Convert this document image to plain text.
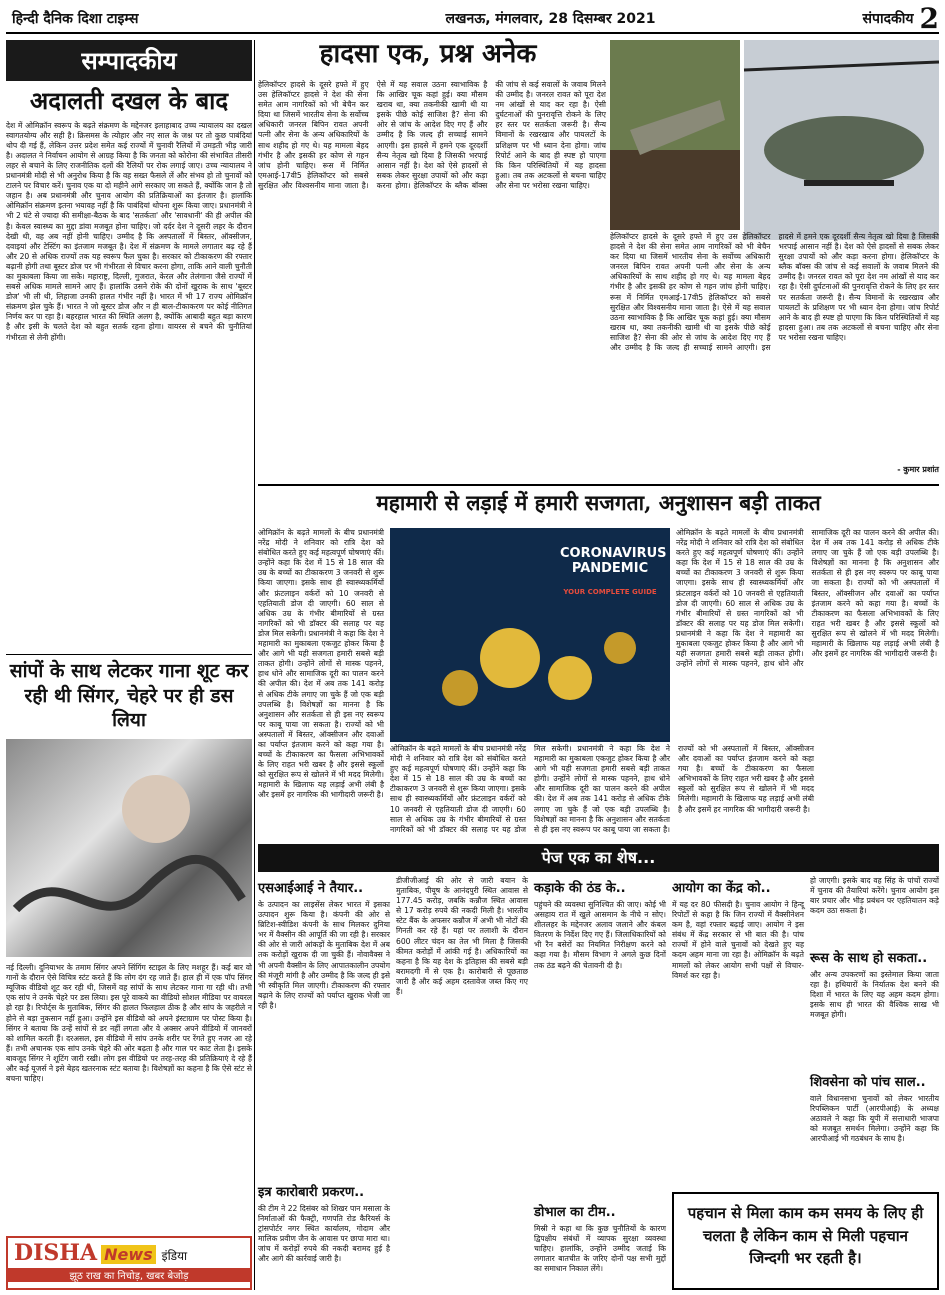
हिन्दी दैनिक दिशा टाइम्स	लखनऊ, मंगलवार, 28 दिसम्बर 2021	संपादकीय 2
सम्पादकीय
अदालती दखल के बाद
देश में ओमिक्रॉन स्वरूप के बढ़ते संक्रमण के मद्देनजर इलाहाबाद उच्च न्यायालय का दखल स्वागतयोग्य और सही है। क्रिसमस के त्योहार और नए साल के जश्न पर तो कुछ पाबंदियां थोप दी गई हैं, लेकिन उत्तर प्रदेश समेत कई राज्यों में चुनावी रैलियों में उमड़ती भीड़ जारी है। अदालत ने निर्वाचन आयोग से आग्रह किया है कि जनता को कोरोना की संभावित तीसरी लहर से बचाने के लिए राजनीतिक दलों की रैलियों पर रोक लगाई जाए। उच्च न्यायालय ने प्रधानमंत्री मोदी से भी अनुरोध किया है कि वह सख्त फैसले लें और संभव हो तो चुनावों को टालने पर विचार करें। चुनाव एक या दो महीने आगे सरकाए जा सकते हैं, क्योंकि जान है तो जहान है। अब प्रधानमंत्री और चुनाव आयोग की प्रतिक्रियाओं का इंतजार है। हालांकि ओमिक्रॉन संक्रमण इतना भयावह नहीं है कि पाबंदियां थोपना शुरू किया जाए। प्रधानमंत्री ने भी 2 घंटे से ज्यादा की समीक्षा-बैठक के बाद 'सतर्कता' और 'सावधानी' की ही अपील की है। केवल स्वास्थ्य का मुद्दा डांवा मजबूत होना चाहिए। जो दर्दर देश ने दूसरी लहर के दौरान देखी थी, वह अब नहीं होनी चाहिए। उम्मीद है कि अस्पतालों में बिस्तर, ऑक्सीजन, दवाइयां और टेस्टिंग का इंतजाम मजबूत है। देश में संक्रमण के मामले लगातार बढ़ रहे हैं और 20 से अधिक राज्यों तक यह स्वरूप फैल चुका है। सरकार को टीकाकरण की रफ्तार बढ़ानी होगी तथा बूस्टर डोज पर भी गंभीरता से विचार करना होगा, ताकि आने वाली चुनौती का मुकाबला किया जा सके। महाराष्ट्र, दिल्ली, गुजरात, केरल और तेलंगाना जैसे राज्यों में सबसे अधिक मामले सामने आए हैं। हालांकि उसने रोके की दोनों खुराक के साथ 'बूस्टर डोज' भी ली थी, लिहाजा उनकी हालत गंभीर नहीं है। भारत में भी 17 राज्य ओमिक्रॉन संक्रमण झेल चुके हैं। भारत ने जो बूस्टर डोज और न ही बाल-टीकाकरण पर कोई नीतिगत निर्णय कर पा रहा है। बहरहाल भारत की स्थिति अलग है, क्योंकि आबादी बहुत बड़ा कारण है और इसी के चलते देश को बहुत सतर्क रहना होगा। वायरस से बचने की चुनौतियां गंभीरता से लेनी होंगी।
सांपों के साथ लेटकर गाना शूट कर रही थी सिंगर, चेहरे पर ही डस लिया
नई दिल्ली। दुनियाभर के तमाम सिंगर अपने सिंगिंग स्टाइल के लिए मशहूर हैं। कई बार वो गानों के दौरान ऐसे विचित्र स्टंट करते हैं कि लोग दंग रह जाते हैं। हाल ही में एक पॉप सिंगर म्यूजिक वीडियो शूट कर रही थी, जिसमें वह सांपों के साथ लेटकर गाना गा रही थी। तभी एक सांप ने उनके चेहरे पर डस लिया। इस पूरे वाकये का वीडियो सोशल मीडिया पर वायरल हो रहा है। रिपोर्ट्स के मुताबिक, सिंगर की हालत फिलहाल ठीक है और सांप के जहरीले न होने से बड़ा नुकसान नहीं हुआ। उन्होंने इस वीडियो को अपने इंस्टाग्राम पर पोस्ट किया है। सिंगर ने बताया कि उन्हें सांपों से डर नहीं लगता और वे अक्सर अपने वीडियो में जानवरों को शामिल करती हैं। दरअसल, इस वीडियो में सांप उनके शरीर पर रेंगते हुए नजर आ रहे हैं। तभी अचानक एक सांप उनके चेहरे की ओर बढ़ता है और गाल पर काट लेता है। इसके बावजूद सिंगर ने शूटिंग जारी रखी। लोग इस वीडियो पर तरह-तरह की प्रतिक्रियाएं दे रहे हैं और कई यूजर्स ने इसे बेहद खतरनाक स्टंट बताया है। विशेषज्ञों का कहना है कि ऐसे स्टंट से बचना चाहिए।
DISHA News इंडिया
झूठ राख का निचोड़, खबर बेजोड़
हादसा एक, प्रश्न अनेक
हेलिकॉप्टर हादसे के दूसरे हफ्ते में हुए उस हेलिकॉप्टर हादसे ने देश की सेना समेत आम नागरिकों को भी बेचैन कर दिया था जिसमें भारतीय सेना के सर्वोच्च अधिकारी जनरल बिपिन रावत अपनी पत्नी और सेना के अन्य अधिकारियों के साथ शहीद हो गए थे। यह मामला बेहद गंभीर है और इसकी हर कोण से गहन जांच होनी चाहिए। रूस में निर्मित एमआई-17वी5 हेलिकॉप्टर को सबसे सुरक्षित और विश्वसनीय माना जाता है। ऐसे में यह सवाल उठना स्वाभाविक है कि आखिर चूक कहां हुई। क्या मौसम खराब था, क्या तकनीकी खामी थी या इसके पीछे कोई साजिश है? सेना की ओर से जांच के आदेश दिए गए हैं और उम्मीद है कि जल्द ही सच्चाई सामने आएगी। इस हादसे में हमने एक दूरदर्शी सैन्य नेतृत्व खो दिया है जिसकी भरपाई आसान नहीं है। देश को ऐसे हादसों से सबक लेकर सुरक्षा उपायों को और कड़ा करना होगा। हेलिकॉप्टर के ब्लैक बॉक्स की जांच से कई सवालों के जवाब मिलने की उम्मीद है। जनरल रावत को पूरा देश नम आंखों से याद कर रहा है। ऐसी दुर्घटनाओं की पुनरावृत्ति रोकने के लिए हर स्तर पर सतर्कता जरूरी है। सैन्य विमानों के रखरखाव और पायलटों के प्रशिक्षण पर भी ध्यान देना होगा। जांच रिपोर्ट आने के बाद ही स्पष्ट हो पाएगा कि किन परिस्थितियों में यह हादसा हुआ। तब तक अटकलों से बचना चाहिए और सेना पर भरोसा रखना चाहिए।
हेलिकॉप्टर हादसे के दूसरे हफ्ते में हुए उस हेलिकॉप्टर हादसे ने देश की सेना समेत आम नागरिकों को भी बेचैन कर दिया था जिसमें भारतीय सेना के सर्वोच्च अधिकारी जनरल बिपिन रावत अपनी पत्नी और सेना के अन्य अधिकारियों के साथ शहीद हो गए थे। यह मामला बेहद गंभीर है और इसकी हर कोण से गहन जांच होनी चाहिए। रूस में निर्मित एमआई-17वी5 हेलिकॉप्टर को सबसे सुरक्षित और विश्वसनीय माना जाता है। ऐसे में यह सवाल उठना स्वाभाविक है कि आखिर चूक कहां हुई। क्या मौसम खराब था, क्या तकनीकी खामी थी या इसके पीछे कोई साजिश है? सेना की ओर से जांच के आदेश दिए गए हैं और उम्मीद है कि जल्द ही सच्चाई सामने आएगी। इस हादसे में हमने एक दूरदर्शी सैन्य नेतृत्व खो दिया है जिसकी भरपाई आसान नहीं है। देश को ऐसे हादसों से सबक लेकर सुरक्षा उपायों को और कड़ा करना होगा। हेलिकॉप्टर के ब्लैक बॉक्स की जांच से कई सवालों के जवाब मिलने की उम्मीद है। जनरल रावत को पूरा देश नम आंखों से याद कर रहा है। ऐसी दुर्घटनाओं की पुनरावृत्ति रोकने के लिए हर स्तर पर सतर्कता जरूरी है। सैन्य विमानों के रखरखाव और पायलटों के प्रशिक्षण पर भी ध्यान देना होगा। जांच रिपोर्ट आने के बाद ही स्पष्ट हो पाएगा कि किन परिस्थितियों में यह हादसा हुआ। तब तक अटकलों से बचना चाहिए और सेना पर भरोसा रखना चाहिए।
- कुमार प्रशांत
महामारी से लड़ाई में हमारी सजगता, अनुशासन बड़ी ताकत
ओमिक्रॉन के बढ़ते मामलों के बीच प्रधानमंत्री नरेंद्र मोदी ने शनिवार को रात्रि देश को संबोधित करते हुए कई महत्वपूर्ण घोषणाएं कीं। उन्होंने कहा कि देश में 15 से 18 साल की उम्र के बच्चों का टीकाकरण 3 जनवरी से शुरू किया जाएगा। इसके साथ ही स्वास्थ्यकर्मियों और फ्रंटलाइन वर्करों को 10 जनवरी से एहतियाती डोज दी जाएगी। 60 साल से अधिक उम्र के गंभीर बीमारियों से ग्रस्त नागरिकों को भी डॉक्टर की सलाह पर यह डोज मिल सकेगी। प्रधानमंत्री ने कहा कि देश ने महामारी का मुकाबला एकजुट होकर किया है और आगे भी यही सजगता हमारी सबसे बड़ी ताकत होगी। उन्होंने लोगों से मास्क पहनने, हाथ धोने और सामाजिक दूरी का पालन करने की अपील की। देश में अब तक 141 करोड़ से अधिक टीके लगाए जा चुके हैं जो एक बड़ी उपलब्धि है। विशेषज्ञों का मानना है कि अनुशासन और सतर्कता से ही इस नए स्वरूप पर काबू पाया जा सकता है। राज्यों को भी अस्पतालों में बिस्तर, ऑक्सीजन और दवाओं का पर्याप्त इंतजाम करने को कहा गया है। बच्चों के टीकाकरण का फैसला अभिभावकों के लिए राहत भरी खबर है और इससे स्कूलों को सुरक्षित रूप से खोलने में भी मदद मिलेगी। महामारी के खिलाफ यह लड़ाई अभी लंबी है और इसमें हर नागरिक की भागीदारी जरूरी है।
CORONAVIRUS PANDEMIC
YOUR COMPLETE GUIDE
ओमिक्रॉन के बढ़ते मामलों के बीच प्रधानमंत्री नरेंद्र मोदी ने शनिवार को रात्रि देश को संबोधित करते हुए कई महत्वपूर्ण घोषणाएं कीं। उन्होंने कहा कि देश में 15 से 18 साल की उम्र के बच्चों का टीकाकरण 3 जनवरी से शुरू किया जाएगा। इसके साथ ही स्वास्थ्यकर्मियों और फ्रंटलाइन वर्करों को 10 जनवरी से एहतियाती डोज दी जाएगी। 60 साल से अधिक उम्र के गंभीर बीमारियों से ग्रस्त नागरिकों को भी डॉक्टर की सलाह पर यह डोज मिल सकेगी। प्रधानमंत्री ने कहा कि देश ने महामारी का मुकाबला एकजुट होकर किया है और आगे भी यही सजगता हमारी सबसे बड़ी ताकत होगी। उन्होंने लोगों से मास्क पहनने, हाथ धोने और सामाजिक दूरी का पालन करने की अपील की। देश में अब तक 141 करोड़ से अधिक टीके लगाए जा चुके हैं जो एक बड़ी उपलब्धि है। विशेषज्ञों का मानना है कि अनुशासन और सतर्कता से ही इस नए स्वरूप पर काबू पाया जा सकता है। राज्यों को भी अस्पतालों में बिस्तर, ऑक्सीजन और दवाओं का पर्याप्त इंतजाम करने को कहा गया है। बच्चों के टीकाकरण का फैसला अभिभावकों के लिए राहत भरी खबर है और इससे स्कूलों को सुरक्षित रूप से खोलने में भी मदद मिलेगी। महामारी के खिलाफ यह लड़ाई अभी लंबी है और इसमें हर नागरिक की भागीदारी जरूरी है।
ओमिक्रॉन के बढ़ते मामलों के बीच प्रधानमंत्री नरेंद्र मोदी ने शनिवार को रात्रि देश को संबोधित करते हुए कई महत्वपूर्ण घोषणाएं कीं। उन्होंने कहा कि देश में 15 से 18 साल की उम्र के बच्चों का टीकाकरण 3 जनवरी से शुरू किया जाएगा। इसके साथ ही स्वास्थ्यकर्मियों और फ्रंटलाइन वर्करों को 10 जनवरी से एहतियाती डोज दी जाएगी। 60 साल से अधिक उम्र के गंभीर बीमारियों से ग्रस्त नागरिकों को भी डॉक्टर की सलाह पर यह डोज मिल सकेगी। प्रधानमंत्री ने कहा कि देश ने महामारी का मुकाबला एकजुट होकर किया है और आगे भी यही सजगता हमारी सबसे बड़ी ताकत होगी। उन्होंने लोगों से मास्क पहनने, हाथ धोने और सामाजिक दूरी का पालन करने की अपील की। देश में अब तक 141 करोड़ से अधिक टीके लगाए जा चुके हैं जो एक बड़ी उपलब्धि है। विशेषज्ञों का मानना है कि अनुशासन और सतर्कता से ही इस नए स्वरूप पर काबू पाया जा सकता है। राज्यों को भी अस्पतालों में बिस्तर, ऑक्सीजन और दवाओं का पर्याप्त इंतजाम करने को कहा गया है। बच्चों के टीकाकरण का फैसला अभिभावकों के लिए राहत भरी खबर है और इससे स्कूलों को सुरक्षित रूप से खोलने में भी मदद मिलेगी। महामारी के खिलाफ यह लड़ाई अभी लंबी है और इसमें हर नागरिक की भागीदारी जरूरी है।
पेज एक का शेष...
एसआईआई ने तैयार..
के उत्पादन का लाइसेंस लेकर भारत में इसका उत्पादन शुरू किया है। कंपनी की ओर से ब्रिटिश-स्वीडिश कंपनी के साथ मिलकर दुनिया भर में वैक्सीन की आपूर्ति की जा रही है। सरकार की ओर से जारी आंकड़ों के मुताबिक देश में अब तक करोड़ों खुराक दी जा चुकी हैं। नोवावैक्स ने भी अपनी वैक्सीन के लिए आपातकालीन उपयोग की मंजूरी मांगी है और उम्मीद है कि जल्द ही इसे भी स्वीकृति मिल जाएगी। टीकाकरण की रफ्तार बढ़ाने के लिए राज्यों को पर्याप्त खुराक भेजी जा रही है।
इत्र कारोबारी प्रकरण..
की टीम ने 22 दिसंबर को शिखर पान मसाला के निर्माताओं की फैक्ट्री, गणपति रोड कैरियर्स के ट्रांसपोर्टर नगर स्थित कार्यालय, गोदाम और मालिक प्रवीण जैन के आवास पर छापा मारा था। जांच में करोड़ों रुपये की नकदी बरामद हुई है और आगे की कार्रवाई जारी है।
डीजीजीआई की ओर से जारी बयान के मुताबिक, पीयूष के आनंदपुरी स्थित आवास से 177.45 करोड़, जबकि कन्नौज स्थित आवास से 17 करोड़ रुपये की नकदी मिली है। भारतीय स्टेट बैंक के अफसर कन्नौज में अभी भी नोटों की गिनती कर रहे हैं। यहां पर तलाशी के दौरान 600 लीटर चंदन का तेल भी मिला है जिसकी कीमत करोड़ों में आंकी गई है। अधिकारियों का कहना है कि यह देश के इतिहास की सबसे बड़ी बरामदगी में से एक है। कारोबारी से पूछताछ जारी है और कई अहम दस्तावेज जब्त किए गए हैं।
कड़ाके की ठंड के..
पहुंचने की व्यवस्था सुनिश्चित की जाए। कोई भी असहाय रात में खुले आसमान के नीचे न सोए। शीतलहर के मद्देनजर अलाव जलाने और कंबल वितरण के निर्देश दिए गए हैं। जिलाधिकारियों को भी रैन बसेरों का नियमित निरीक्षण करने को कहा गया है। मौसम विभाग ने अगले कुछ दिनों तक ठंड बढ़ने की चेतावनी दी है।
डोभाल का टीम..
मिस्री ने कहा था कि कुछ चुनौतियों के कारण द्विपक्षीय संबंधों में व्यापक सुरक्षा व्यवस्था चाहिए। हालांकि, उन्होंने उम्मीद जताई कि लगातार बातचीत के जरिए दोनों पक्ष सभी मुद्दों का समाधान निकाल लेंगे।
आयोग का केंद्र को..
में यह दर 80 फीसदी है। चुनाव आयोग ने हिन्दू रिपोर्टों से कहा है कि जिन राज्यों में वैक्सीनेशन कम है, वहां रफ्तार बढ़ाई जाए। आयोग ने इस संबंध में केंद्र सरकार से भी बात की है। पांच राज्यों में होने वाले चुनावों को देखते हुए यह कदम अहम माना जा रहा है। ओमिक्रॉन के बढ़ते मामलों को लेकर आयोग सभी पक्षों से विचार-विमर्श कर रहा है।
हो जाएगी। इसके बाद वह सिंह के पांचों राज्यों में चुनाव की तैयारियां करेंगे। चुनाव आयोग इस बार प्रचार और भीड़ प्रबंधन पर एहतियातन कड़े कदम उठा सकता है।
रूस के साथ हो सकता..
और अन्य उपकरणों का इस्तेमाल किया जाता रहा है। हथियारों के निर्यातक देश बनने की दिशा में भारत के लिए यह अहम कदम होगा। इसके साथ ही भारत की वैश्विक साख भी मजबूत होगी।
शिवसेना को पांच साल..
वाले विधानसभा चुनावों को लेकर भारतीय रिपब्लिकन पार्टी (आरपीआई) के अध्यक्ष अठावले ने कहा कि यूपी में सत्ताधारी भाजपा को मजबूत समर्थन मिलेगा। उन्होंने कहा कि आरपीआई भी गठबंधन के साथ है।
पहचान से मिला काम कम समय के लिए ही चलता है लेकिन काम से मिली पहचान जिन्दगी भर रहती है।
